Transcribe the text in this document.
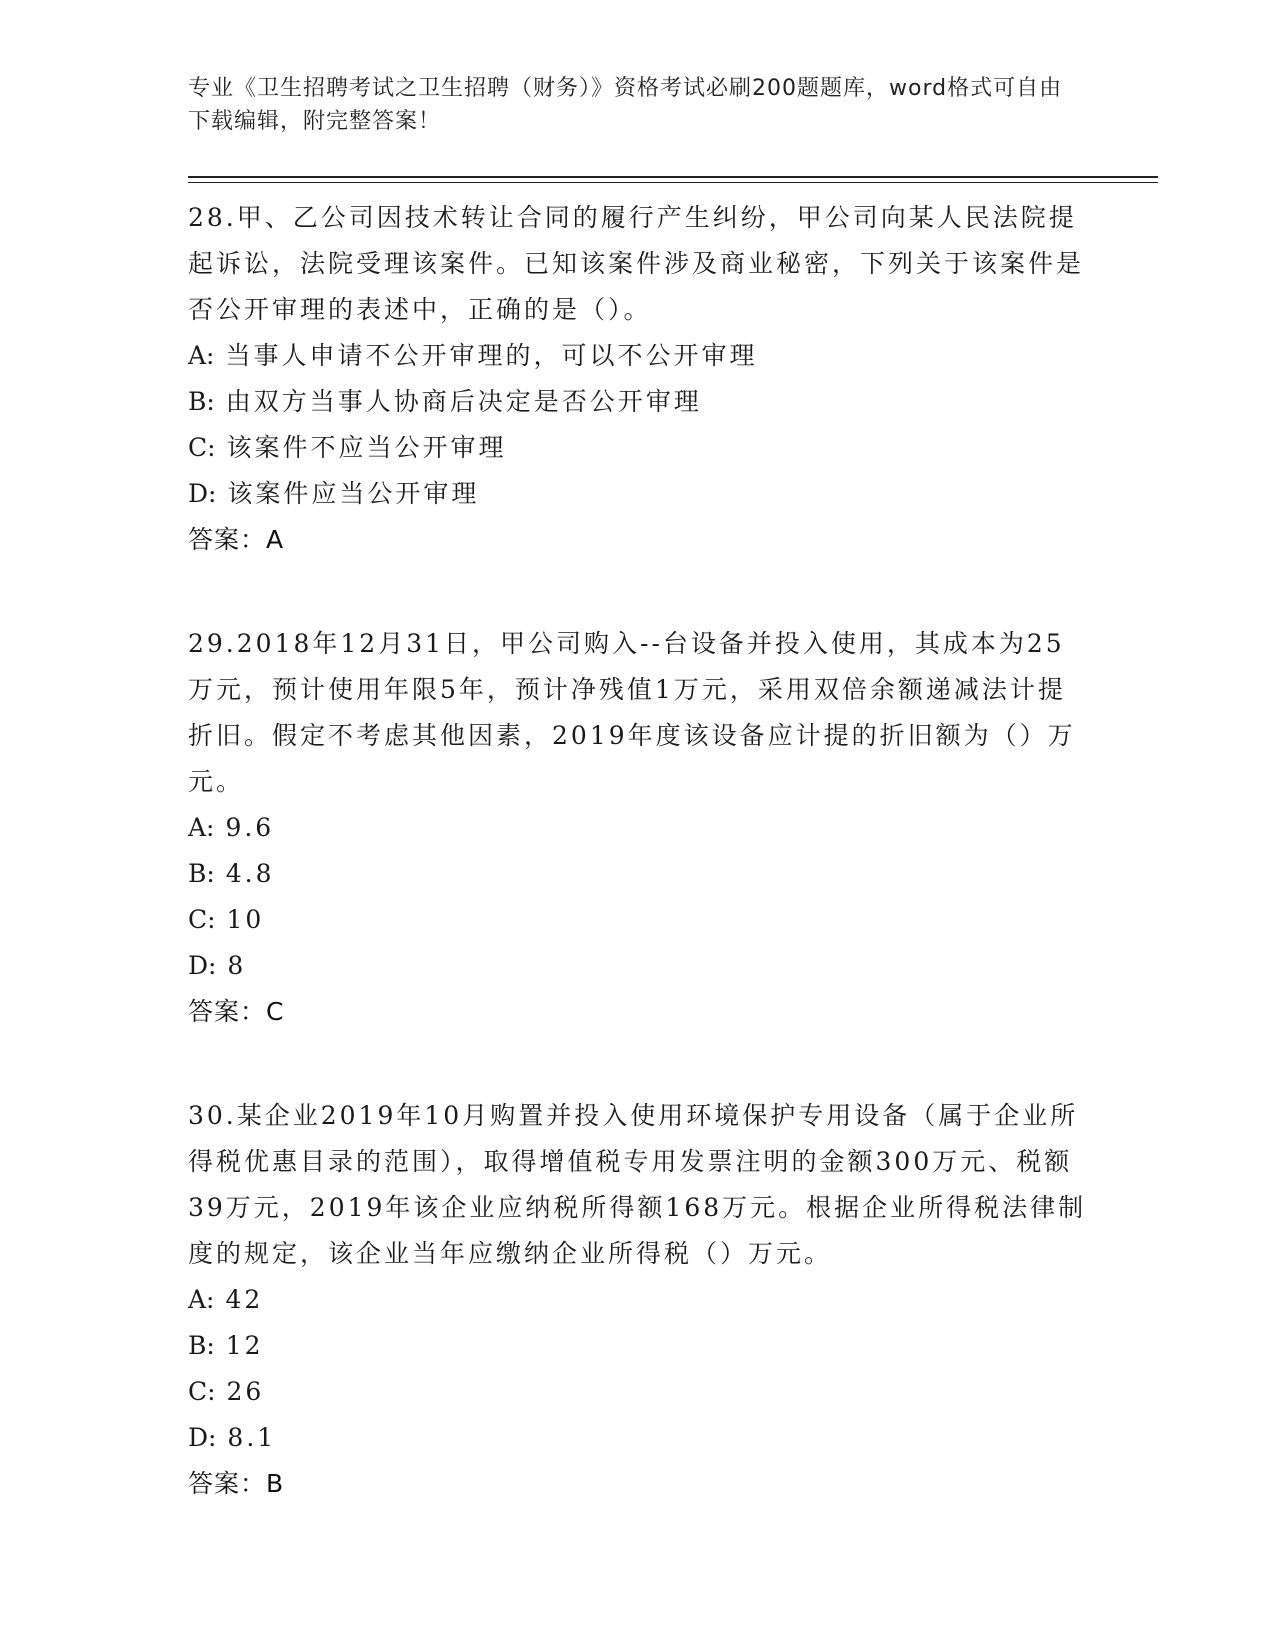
专业《卫生招聘考试之卫生招聘（财务）》资格考试必刷200题题库，word格式可自由下载编辑，附完整答案！
28.甲、乙公司因技术转让合同的履行产生纠纷，甲公司向某人民法院提起诉讼，法院受理该案件。已知该案件涉及商业秘密，下列关于该案件是否公开审理的表述中，正确的是（）。
A: 当事人申请不公开审理的，可以不公开审理
B: 由双方当事人协商后决定是否公开审理
C: 该案件不应当公开审理
D: 该案件应当公开审理
答案：A
29.2018年12月31日，甲公司购入--台设备并投入使用，其成本为25万元，预计使用年限5年，预计净残值1万元，采用双倍余额递减法计提折旧。假定不考虑其他因素，2019年度该设备应计提的折旧额为（）万元。
A: 9.6
B: 4.8
C: 10
D: 8
答案：C
30.某企业2019年10月购置并投入使用环境保护专用设备（属于企业所得税优惠目录的范围），取得增值税专用发票注明的金额300万元、税额39万元，2019年该企业应纳税所得额168万元。根据企业所得税法律制度的规定，该企业当年应缴纳企业所得税（）万元。
A: 42
B: 12
C: 26
D: 8.1
答案：B
